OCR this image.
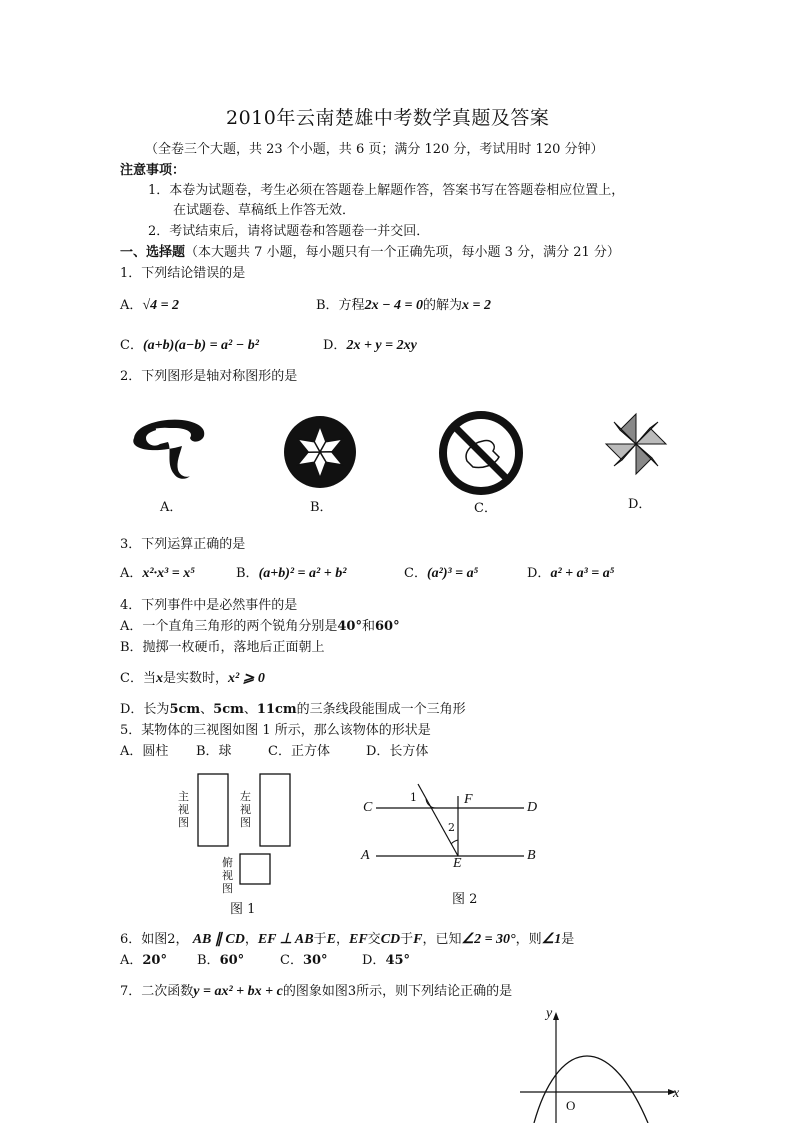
2010年云南楚雄中考数学真题及答案
（全卷三个大题，共 23 个小题，共 6 页；满分 120 分，考试用时 120 分钟）
注意事项：
1．本卷为试题卷，考生必须在答题卷上解题作答，答案书写在答题卷相应位置上，
在试题卷、草稿纸上作答无效．
2．考试结束后，请将试题卷和答题卷一并交回．
一、选择题（本大题共 7 小题，每小题只有一个正确先项，每小题 3 分，满分 21 分）
1．下列结论错误的是
A．√4 = 2	B．方程2x − 4 = 0的解为x = 2
C．(a+b)(a−b) = a² − b²	D．2x + y = 2xy
2．下列图形是轴对称图形的是
A．	B．	C．	D．
3．下列运算正确的是
A．x²·x³ = x⁵	B．(a+b)² = a² + b²	C．(a²)³ = a⁵	D．a² + a³ = a⁵
4．下列事件中是必然事件的是
A．一个直角三角形的两个锐角分别是40°和60°
B．抛掷一枚硬币，落地后正面朝上
C．当x是实数时，x² ⩾ 0
D．长为5cm、5cm、11cm的三条线段能围成一个三角形
5．某物体的三视图如图 1 所示，那么该物体的形状是
A．圆柱 B．球	C．正方体	D．长方体
主视图
左视图
俯视图
图 1
C	D
A	B
F
E
1
2
图 2
6．如图2， AB ∥ CD，EF ⊥ AB于E，EF交CD于F，已知∠2 = 30°，则∠1是
A．20° B．60°	C．30°	D．45°
7．二次函数y = ax² + bx + c的图象如图3所示，则下列结论正确的是
y
x
O
